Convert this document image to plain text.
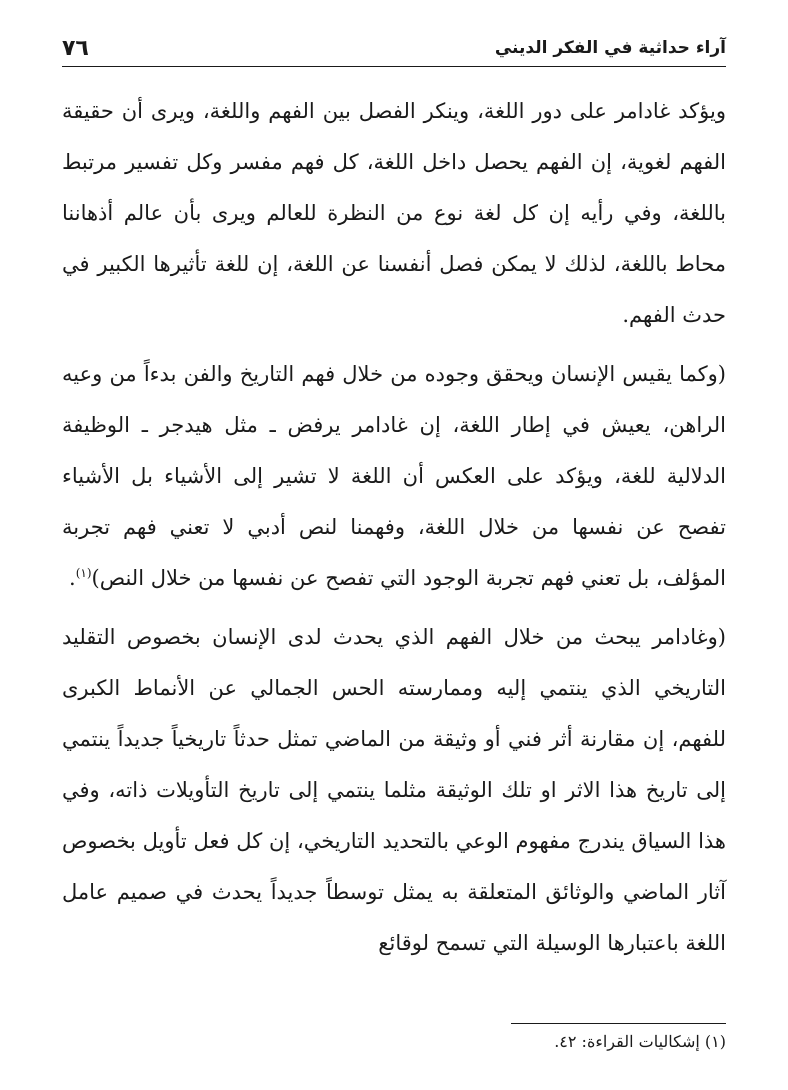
آراء حداثية في الفكر الديني
٧٦

ويؤكد غادامر على دور اللغة، وينكر الفصل بين الفهم واللغة، ويرى أن حقيقة الفهم لغوية، إن الفهم يحصل داخل اللغة، كل فهم مفسر وكل تفسير مرتبط باللغة، وفي رأيه إن كل لغة نوع من النظرة للعالم ويرى بأن عالم أذهاننا محاط باللغة، لذلك لا يمكن فصل أنفسنا عن اللغة، إن للغة تأثيرها الكبير في حدث الفهم.

(وكما يقيس الإنسان ويحقق وجوده من خلال فهم التاريخ والفن بدءاً من وعيه الراهن، يعيش في إطار اللغة، إن غادامر يرفض ـ مثل هيدجر ـ الوظيفة الدلالية للغة، ويؤكد على العكس أن اللغة لا تشير إلى الأشياء بل الأشياء تفصح عن نفسها من خلال اللغة، وفهمنا لنص أدبي لا تعني فهم تجربة المؤلف، بل تعني فهم تجربة الوجود التي تفصح عن نفسها من خلال النص)$^{(١)}$.

(وغادامر يبحث من خلال الفهم الذي يحدث لدى الإنسان بخصوص التقليد التاريخي الذي ينتمي إليه وممارسته الحس الجمالي عن الأنماط الكبرى للفهم، إن مقارنة أثر فني أو وثيقة من الماضي تمثل حدثاً تاريخياً جديداً ينتمي إلى تاريخ هذا الاثر او تلك الوثيقة مثلما ينتمي إلى تاريخ التأويلات ذاته، وفي هذا السياق يندرج مفهوم الوعي بالتحديد التاريخي، إن كل فعل تأويل بخصوص آثار الماضي والوثائق المتعلقة به يمثل توسطاً جديداً يحدث في صميم عامل اللغة باعتبارها الوسيلة التي تسمح لوقائع

(١) إشكاليات القراءة: ٤٢.
